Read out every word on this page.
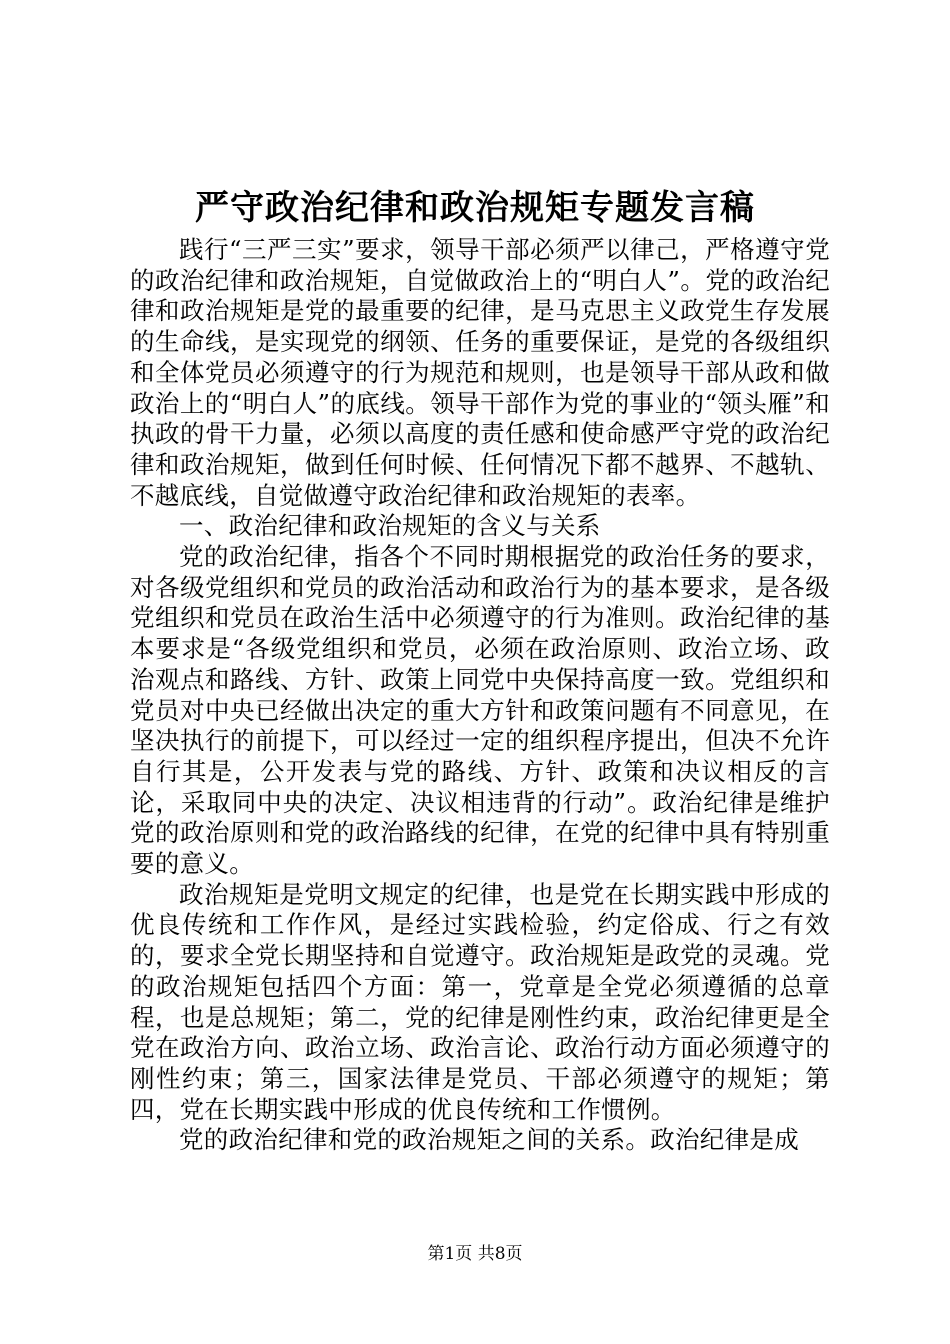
严守政治纪律和政治规矩专题发言稿

践行“三严三实”要求，领导干部必须严以律己，严格遵守党的政治纪律和政治规矩，自觉做政治上的“明白人”。党的政治纪律和政治规矩是党的最重要的纪律，是马克思主义政党生存发展的生命线，是实现党的纲领、任务的重要保证，是党的各级组织和全体党员必须遵守的行为规范和规则，也是领导干部从政和做政治上的“明白人”的底线。领导干部作为党的事业的“领头雁”和执政的骨干力量，必须以高度的责任感和使命感严守党的政治纪律和政治规矩，做到任何时候、任何情况下都不越界、不越轨、不越底线，自觉做遵守政治纪律和政治规矩的表率。

一、政治纪律和政治规矩的含义与关系

党的政治纪律，指各个不同时期根据党的政治任务的要求，对各级党组织和党员的政治活动和政治行为的基本要求，是各级党组织和党员在政治生活中必须遵守的行为准则。政治纪律的基本要求是“各级党组织和党员，必须在政治原则、政治立场、政治观点和路线、方针、政策上同党中央保持高度一致。党组织和党员对中央已经做出决定的重大方针和政策问题有不同意见，在坚决执行的前提下，可以经过一定的组织程序提出，但决不允许自行其是，公开发表与党的路线、方针、政策和决议相反的言论，采取同中央的决定、决议相违背的行动”。政治纪律是维护党的政治原则和党的政治路线的纪律，在党的纪律中具有特别重要的意义。

政治规矩是党明文规定的纪律，也是党在长期实践中形成的优良传统和工作作风，是经过实践检验，约定俗成、行之有效的，要求全党长期坚持和自觉遵守。政治规矩是政党的灵魂。党的政治规矩包括四个方面：第一，党章是全党必须遵循的总章程，也是总规矩；第二，党的纪律是刚性约束，政治纪律更是全党在政治方向、政治立场、政治言论、政治行动方面必须遵守的刚性约束；第三，国家法律是党员、干部必须遵守的规矩；第四，党在长期实践中形成的优良传统和工作惯例。

党的政治纪律和党的政治规矩之间的关系。政治纪律是成

第1页 共8页
